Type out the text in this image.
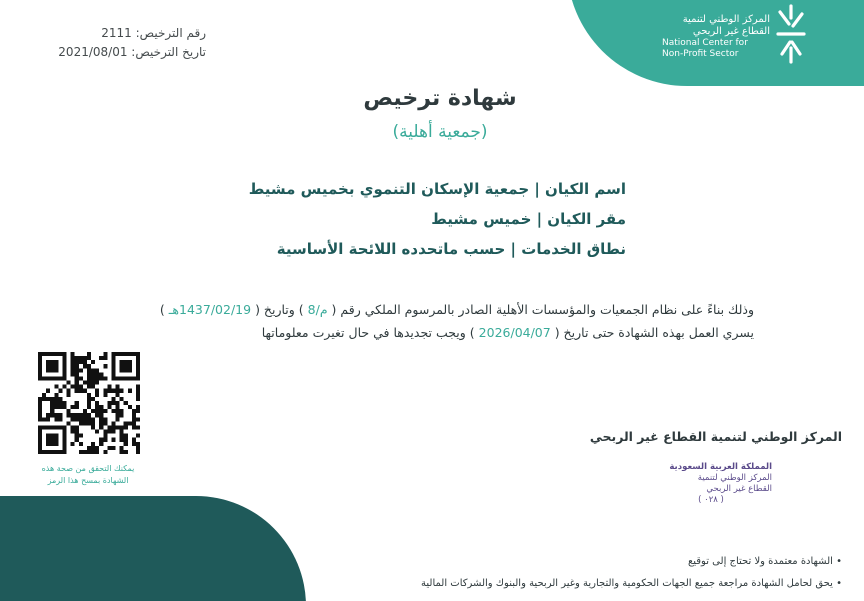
المركز الوطني لتنمية
القطاع غير الربحي
National Center for
Non-Profit Sector
رقم الترخيص: 2111
تاريخ الترخيص: 2021/08/01
شهادة ترخيص
(جمعية أهلية)
اسم الكيان | جمعية الإسكان التنموي بخميس مشيط
مقر الكيان | خميس مشيط
نطاق الخدمات | حسب ماتحدده اللائحة الأساسية
وذلك بناءً على نظام الجمعيات والمؤسسات الأهلية الصادر بالمرسوم الملكي رقم ( م/8 ) وتاريخ ( 1437/02/19هـ )
يسري العمل بهذه الشهادة حتى تاريخ ( 2026/04/07 ) ويجب تجديدها في حال تغيرت معلوماتها
يمكنك التحقق من صحة هذه
الشهادة بمسح هذا الرمز
المركز الوطني لتنمية القطاع غير الربحي
المملكة العربية السعودية
المركز الوطني لتنمية
القطاع غير الربحي
( ٠٢٨ )
• الشهادة معتمدة ولا تحتاج إلى توقيع
• يحق لحامل الشهادة مراجعة جميع الجهات الحكومية والتجارية وغير الربحية والبنوك والشركات المالية
